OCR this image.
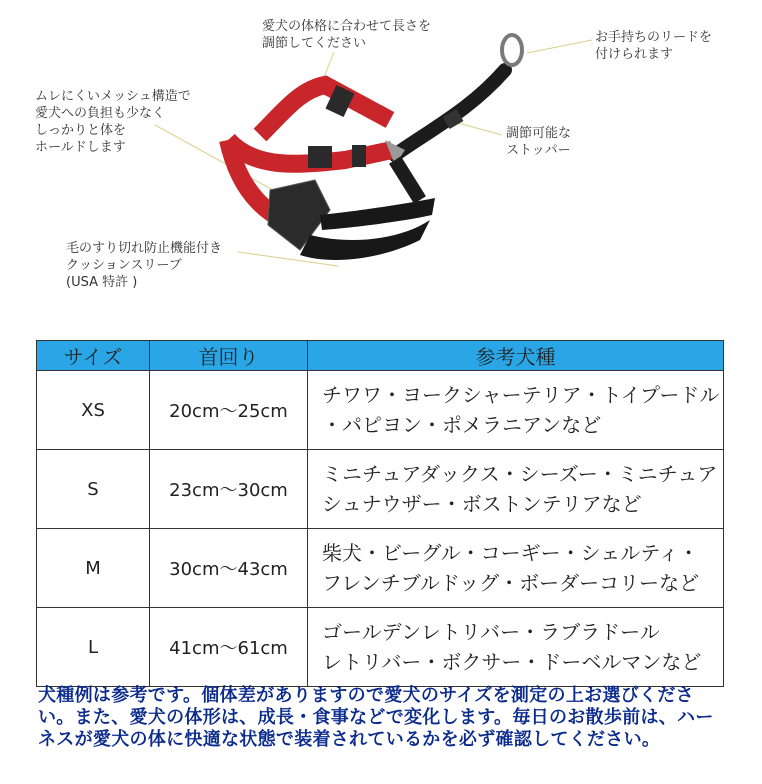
愛犬の体格に合わせて長さを
調節してください	お手持ちのリードを
付けられます
ムレにくいメッシュ構造で
愛犬への負担も少なく
しっかりと体を
ホールドします
調節可能な
ストッパー
毛のすり切れ防止機能付き
クッションスリーブ
(USA 特許 )
サイズ	首回り	参考犬種
XS	20cm〜25cm	チワワ・ヨークシャーテリア・トイプードル
・パピヨン・ポメラニアンなど

S	23cm〜30cm	ミニチュアダックス・シーズー・ミニチュア
シュナウザー・ボストンテリアなど

M	30cm〜43cm	柴犬・ビーグル・コーギー・シェルティ・
フレンチブルドッグ・ボーダーコリーなど

L	41cm〜61cm	ゴールデンレトリバー・ラブラドール
レトリバー・ボクサー・ドーベルマンなど
犬種例は参考です。個体差がありますので愛犬のサイズを測定の上お選びください。また、愛犬の体形は、成長・食事などで変化します。毎日のお散歩前は、ハーネスが愛犬の体に快適な状態で装着されているかを必ず確認してください。
